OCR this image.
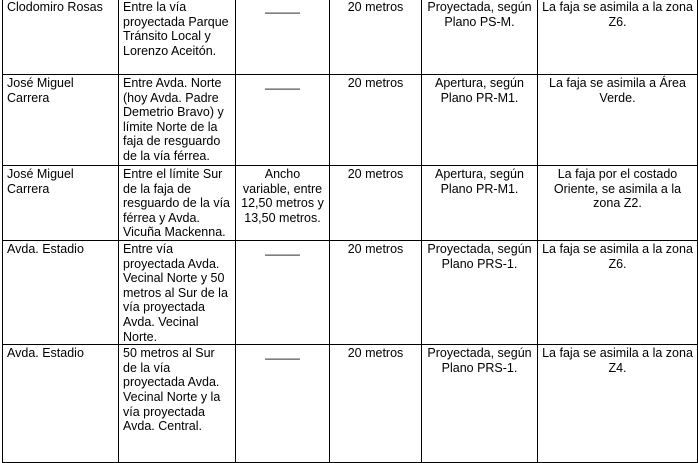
Clodomiro Rosas	Entre la vía proyectada Parque Tránsito Local y Lorenzo Aceitón.	_____	20 metros	Proyectada, según Plano PS-M.	La faja se asimila a la zona Z6.
José Miguel Carrera	Entre Avda. Norte (hoy Avda. Padre Demetrio Bravo) y límite Norte de la faja de resguardo de la vía férrea.	_____	20 metros	Apertura, según Plano PR-M1.	La faja se asimila a Área Verde.
José Miguel Carrera	Entre el límite Sur de la faja de resguardo de la vía férrea y Avda. Vicuña Mackenna.	Ancho variable, entre 12,50 metros y 13,50 metros.	20 metros	Apertura, según Plano PR-M1.	La faja por el costado Oriente, se asimila a la zona Z2.
Avda. Estadio	Entre vía proyectada Avda. Vecinal Norte y 50 metros al Sur de la vía proyectada Avda. Vecinal Norte.	_____	20 metros	Proyectada, según Plano PRS-1.	La faja se asimila a la zona Z6.
Avda. Estadio	50 metros al Sur de la vía proyectada Avda. Vecinal Norte y la vía proyectada Avda. Central.	_____	20 metros	Proyectada, según Plano PRS-1.	La faja se asimila a la zona Z4.
